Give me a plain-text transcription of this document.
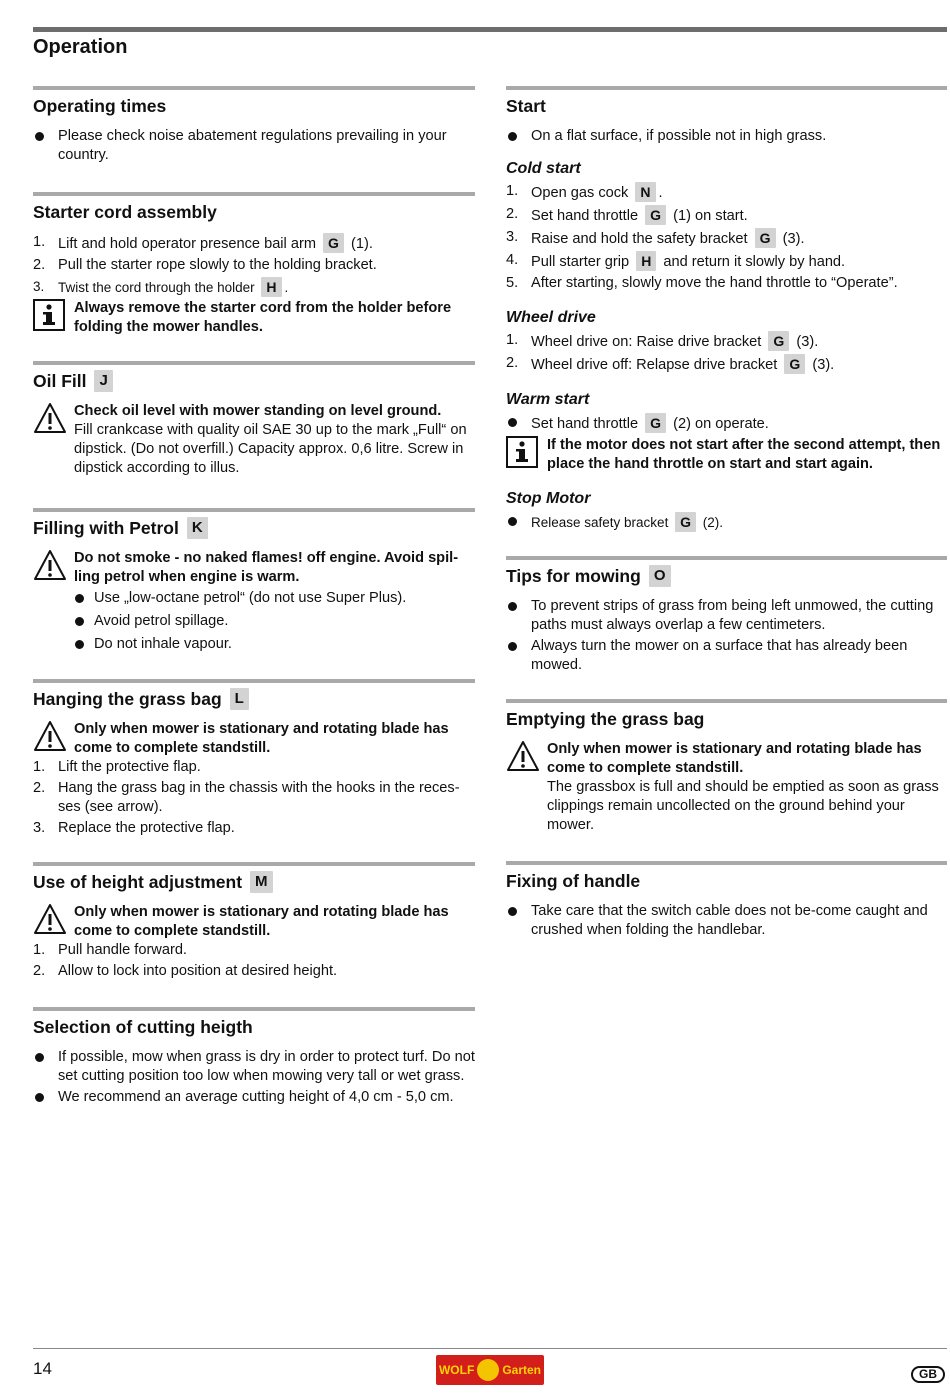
Operation
Operating times
Please check noise abatement regulations prevailing in your country.
Starter cord assembly
1. Lift and hold operator presence bail arm G (1).
2. Pull the starter rope slowly to the holding bracket.
3. Twist the cord through the holder H .
Always remove the starter cord from the holder before folding the mower handles.
Oil Fill J
Check oil level with mower standing on level ground.
Fill crankcase with quality oil SAE 30 up to the mark „Full“ on dipstick. (Do not overfill.) Capacity approx. 0,6 litre. Screw in dipstick according to illus.
Filling with Petrol K
Do not smoke - no naked flames! off engine. Avoid spil-ling petrol when engine is warm.
Use „low-octane petrol“ (do not use Super Plus).
Avoid petrol spillage.
Do not inhale vapour.
Hanging the grass bag L
Only when mower is stationary and rotating blade has come to complete standstill.
1. Lift the protective flap.
2. Hang the grass bag in the chassis with the hooks in the reces-ses (see arrow).
3. Replace the protective flap.
Use of height adjustment M
Only when mower is stationary and rotating blade has come to complete standstill.
1. Pull handle forward.
2. Allow to lock into position at desired height.
Selection of cutting heigth
If possible, mow when grass is dry in order to protect turf. Do not set cutting position too low when mowing very tall or wet grass.
We recommend an average cutting height of 4,0 cm - 5,0 cm.
Start
On a flat surface, if possible not in high grass.
Cold start
1. Open gas cock N .
2. Set hand throttle G (1) on start.
3. Raise and hold the safety bracket G (3).
4. Pull starter grip H and return it slowly by hand.
5. After starting, slowly move the hand throttle to “Operate”.
Wheel drive
1. Wheel drive on: Raise drive bracket G (3).
2. Wheel drive off: Relapse drive bracket G (3).
Warm start
Set hand throttle G (2) on operate.
If the motor does not start after the second attempt, then place the hand throttle on start and start again.
Stop Motor
Release safety bracket G (2).
Tips for mowing O
To prevent strips of grass from being left unmowed, the cutting paths must always overlap a few centimeters.
Always turn the mower on a surface that has already been mowed.
Emptying the grass bag
Only when mower is stationary and rotating blade has come to complete standstill.
The grassbox is full and should be emptied as soon as grass clippings remain uncollected on the ground behind your mower.
Fixing of handle
Take care that the switch cable does not be-come caught and crushed when folding the handlebar.
14	WOLF Garten	GB
